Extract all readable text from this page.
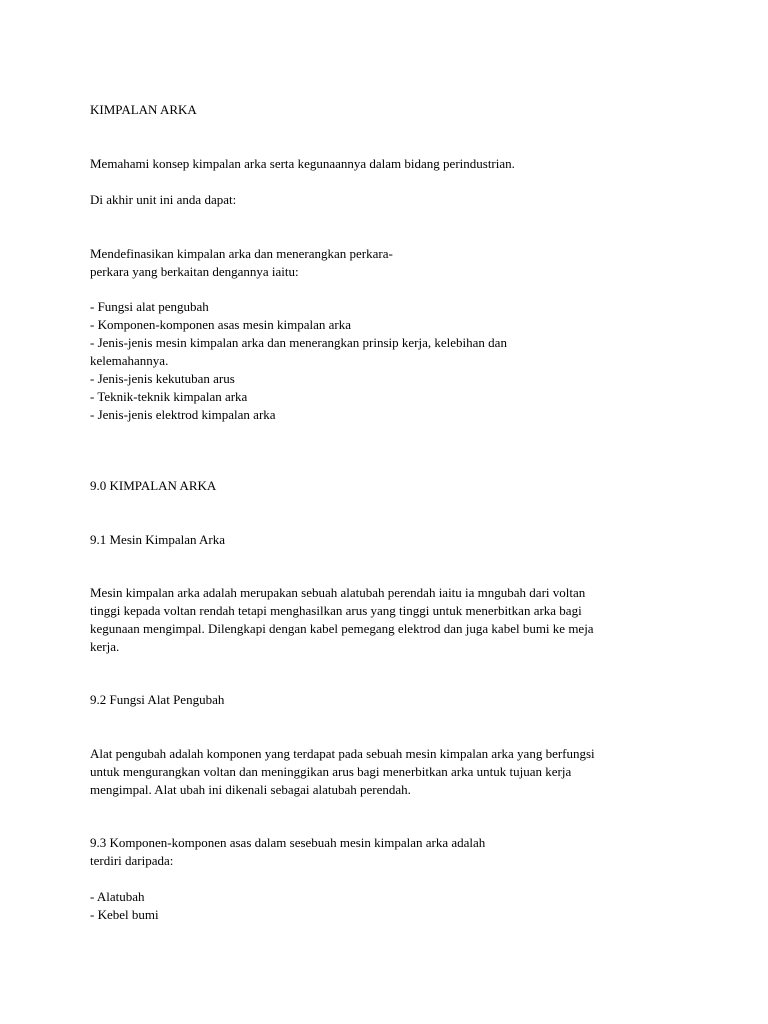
KIMPALAN ARKA

Memahami konsep kimpalan arka serta kegunaannya dalam bidang perindustrian.

Di akhir unit ini anda dapat:

Mendefinasikan kimpalan arka dan menerangkan perkara-

perkara yang berkaitan dengannya iaitu:

- Fungsi alat pengubah

- Komponen-komponen asas mesin kimpalan arka

- Jenis-jenis mesin kimpalan arka dan menerangkan prinsip kerja, kelebihan dan

kelemahannya.

- Jenis-jenis kekutuban arus

- Teknik-teknik kimpalan arka

- Jenis-jenis elektrod kimpalan arka

9.0 KIMPALAN ARKA

9.1 Mesin Kimpalan Arka

Mesin kimpalan arka adalah merupakan sebuah alatubah perendah iaitu ia mngubah dari voltan

tinggi kepada voltan rendah tetapi menghasilkan arus yang tinggi untuk menerbitkan arka bagi

kegunaan mengimpal. Dilengkapi dengan kabel pemegang elektrod dan juga kabel bumi ke meja

kerja.

9.2 Fungsi Alat Pengubah

Alat pengubah adalah komponen yang terdapat pada sebuah mesin kimpalan arka yang berfungsi

untuk mengurangkan voltan dan meninggikan arus bagi menerbitkan arka untuk tujuan kerja

mengimpal. Alat ubah ini dikenali sebagai alatubah perendah.

9.3 Komponen-komponen asas dalam sesebuah mesin kimpalan arka adalah

terdiri daripada:

- Alatubah

- Kebel bumi
